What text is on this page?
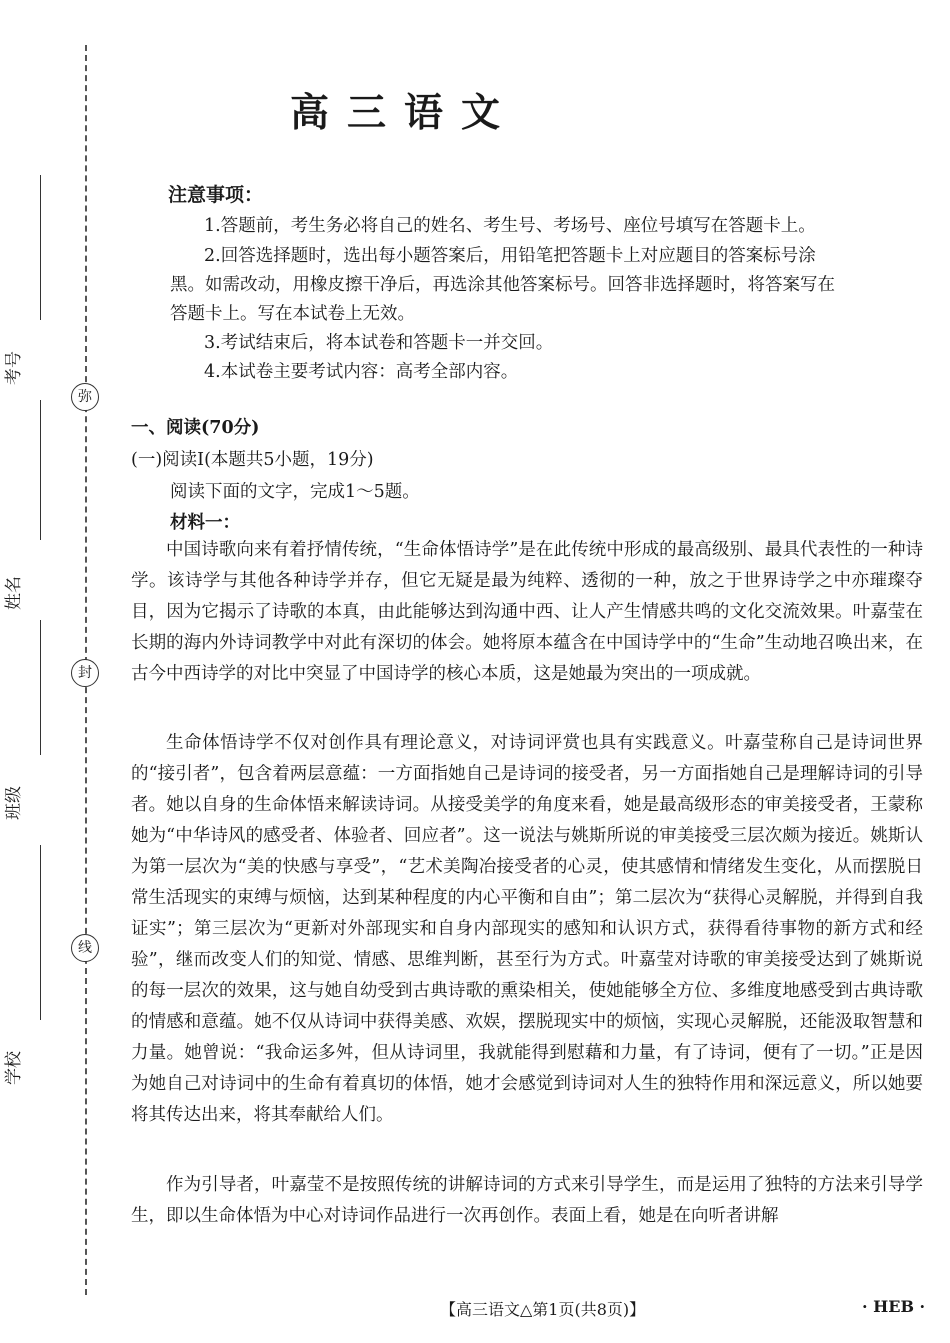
弥
封
线
考号
姓名
班级
学校
高三语文
注意事项：
1.答题前，考生务必将自己的姓名、考生号、考场号、座位号填写在答题卡上。
2.回答选择题时，选出每小题答案后，用铅笔把答题卡上对应题目的答案标号涂
黑。如需改动，用橡皮擦干净后，再选涂其他答案标号。回答非选择题时，将答案写在
答题卡上。写在本试卷上无效。
3.考试结束后，将本试卷和答题卡一并交回。
4.本试卷主要考试内容：高考全部内容。
一、阅读(70分)
(一)阅读Ⅰ(本题共5小题，19分)
阅读下面的文字，完成1～5题。
材料一：
中国诗歌向来有着抒情传统，“生命体悟诗学”是在此传统中形成的最高级别、最具代表性的一种诗学。该诗学与其他各种诗学并存，但它无疑是最为纯粹、透彻的一种，放之于世界诗学之中亦璀璨夺目，因为它揭示了诗歌的本真，由此能够达到沟通中西、让人产生情感共鸣的文化交流效果。叶嘉莹在长期的海内外诗词教学中对此有深切的体会。她将原本蕴含在中国诗学中的“生命”生动地召唤出来，在古今中西诗学的对比中突显了中国诗学的核心本质，这是她最为突出的一项成就。
生命体悟诗学不仅对创作具有理论意义，对诗词评赏也具有实践意义。叶嘉莹称自己是诗词世界的“接引者”，包含着两层意蕴：一方面指她自己是诗词的接受者，另一方面指她自己是理解诗词的引导者。她以自身的生命体悟来解读诗词。从接受美学的角度来看，她是最高级形态的审美接受者，王蒙称她为“中华诗风的感受者、体验者、回应者”。这一说法与姚斯所说的审美接受三层次颇为接近。姚斯认为第一层次为“美的快感与享受”，“艺术美陶冶接受者的心灵，使其感情和情绪发生变化，从而摆脱日常生活现实的束缚与烦恼，达到某种程度的内心平衡和自由”；第二层次为“获得心灵解脱，并得到自我证实”；第三层次为“更新对外部现实和自身内部现实的感知和认识方式，获得看待事物的新方式和经验”，继而改变人们的知觉、情感、思维判断，甚至行为方式。叶嘉莹对诗歌的审美接受达到了姚斯说的每一层次的效果，这与她自幼受到古典诗歌的熏染相关，使她能够全方位、多维度地感受到古典诗歌的情感和意蕴。她不仅从诗词中获得美感、欢娱，摆脱现实中的烦恼，实现心灵解脱，还能汲取智慧和力量。她曾说：“我命运多舛，但从诗词里，我就能得到慰藉和力量，有了诗词，便有了一切。”正是因为她自己对诗词中的生命有着真切的体悟，她才会感觉到诗词对人生的独特作用和深远意义，所以她要将其传达出来，将其奉献给人们。
作为引导者，叶嘉莹不是按照传统的讲解诗词的方式来引导学生，而是运用了独特的方法来引导学生，即以生命体悟为中心对诗词作品进行一次再创作。表面上看，她是在向听者讲解
【高三语文△第1页(共8页)】	· HEB ·
